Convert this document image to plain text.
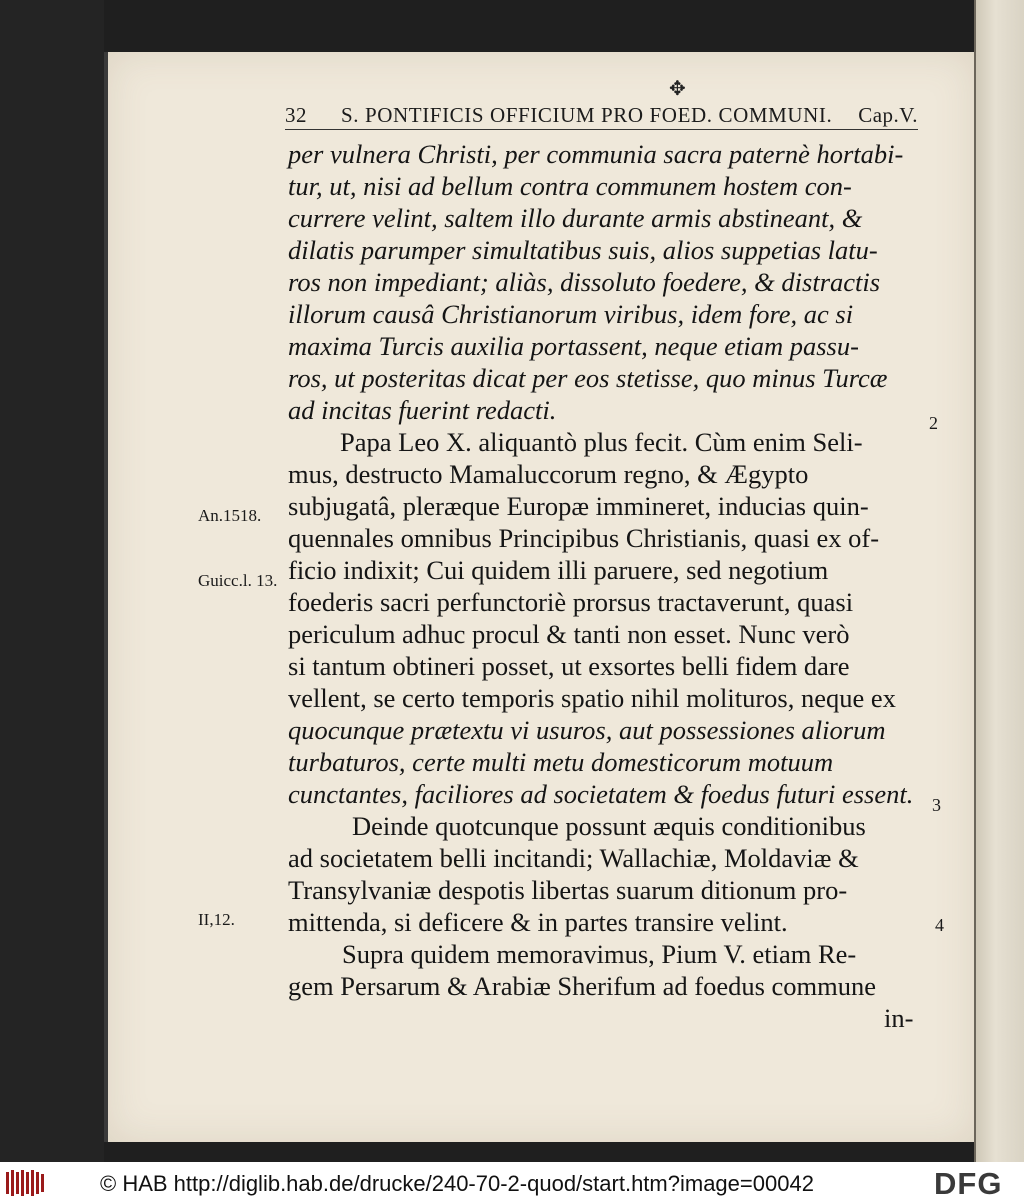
✥
32 S. PONTIFICIS OFFICIUM PRO FOED. COMMUNI. Cap.V.
per vulnera Christi, per communia sacra paternè hortabi-
tur, ut, nisi ad bellum contra communem hostem con-
currere velint, saltem illo durante armis abstineant, &
dilatis parumper simultatibus suis, alios suppetias latu-
ros non impediant; aliàs, dissoluto foedere, & distractis
illorum causâ Christianorum viribus, idem fore, ac si
maxima Turcis auxilia portassent, neque etiam passu-
ros, ut posteritas dicat per eos stetisse, quo minus Turcæ
ad incitas fuerint redacti.
Papa Leo X. aliquantò plus fecit. Cùm enim Seli-
mus, destructo Mamaluccorum regno, & Ægypto
subjugatâ, pleræque Europæ immineret, inducias quin-
quennales omnibus Principibus Christianis, quasi ex of-
ficio indixit; Cui quidem illi paruere, sed negotium
foederis sacri perfunctoriè prorsus tractaverunt, quasi
periculum adhuc procul & tanti non esset. Nunc verò
si tantum obtineri posset, ut exsortes belli fidem dare
vellent, se certo temporis spatio nihil molituros, neque ex
quocunque prætextu vi usuros, aut possessiones aliorum
turbaturos, certe multi metu domesticorum motuum
cunctantes, faciliores ad societatem & foedus futuri essent.
Deinde quotcunque possunt æquis conditionibus
ad societatem belli incitandi; Wallachiæ, Moldaviæ &
Transylvaniæ despotis libertas suarum ditionum pro-
mittenda, si deficere & in partes transire velint.
Supra quidem memoravimus, Pium V. etiam Re-
gem Persarum & Arabiæ Sherifum ad foedus commune
in-
An.1518.
Guicc.l. 13.
II,12.
2
3
4
© HAB http://diglib.hab.de/drucke/240-70-2-quod/start.htm?image=00042	DFG
